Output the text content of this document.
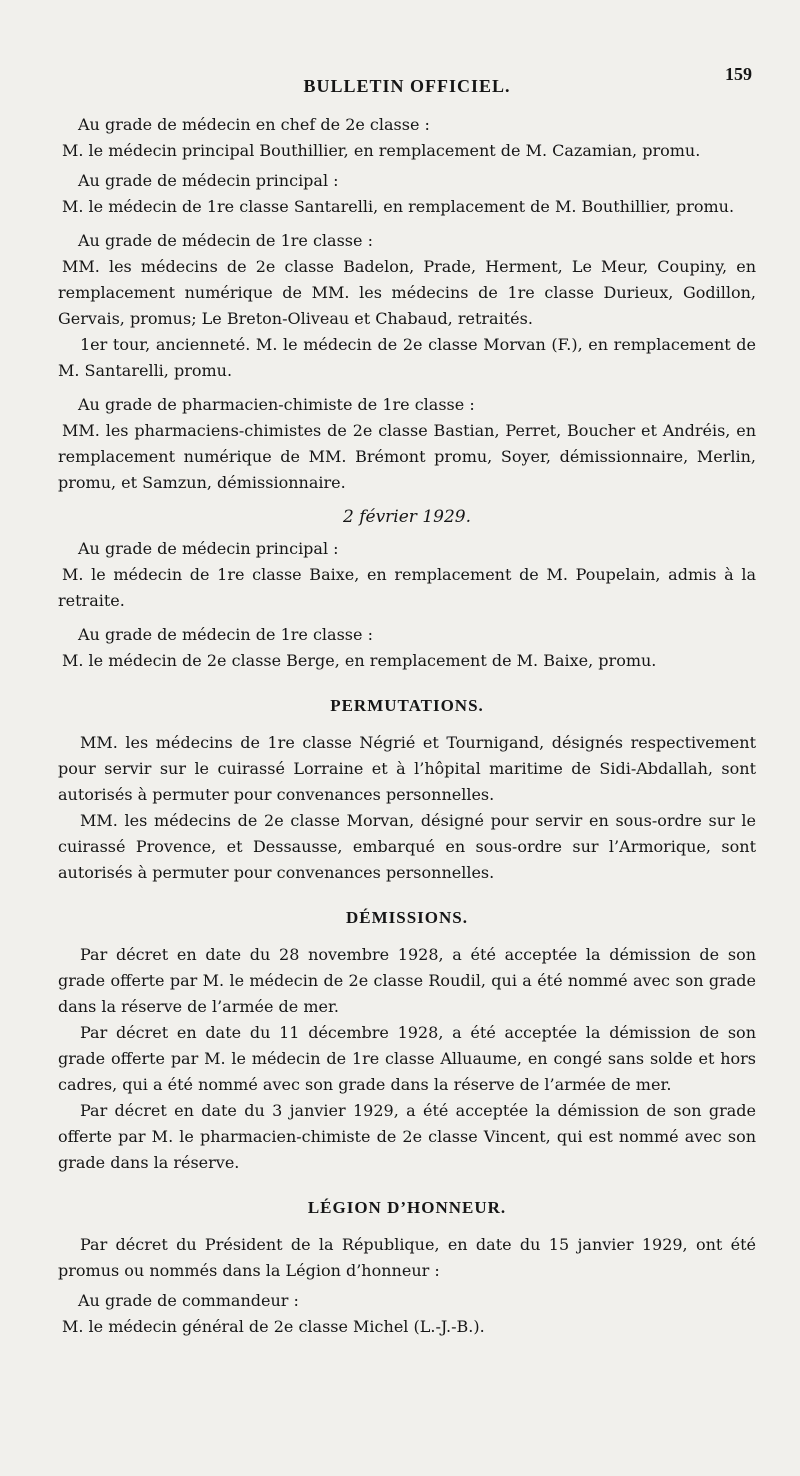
BULLETIN OFFICIEL.
159

Au grade de médecin en chef de 2e classe :

M. le médecin principal Bouthillier, en remplacement de M. Cazamian, promu.

Au grade de médecin principal :

M. le médecin de 1re classe Santarelli, en remplacement de M. Bouthillier, promu.

Au grade de médecin de 1re classe :

MM. les médecins de 2e classe Badelon, Prade, Herment, Le Meur, Coupiny, en remplacement numérique de MM. les médecins de 1re classe Durieux, Godillon, Gervais, promus; Le Breton-Oliveau et Chabaud, retraités.

1er tour, ancienneté. M. le médecin de 2e classe Morvan (F.), en remplacement de M. Santarelli, promu.

Au grade de pharmacien-chimiste de 1re classe :

MM. les pharmaciens-chimistes de 2e classe Bastian, Perret, Boucher et Andréis, en remplacement numérique de MM. Brémont promu, Soyer, démissionnaire, Merlin, promu, et Samzun, démissionnaire.

2 février 1929.

Au grade de médecin principal :

M. le médecin de 1re classe Baixe, en remplacement de M. Poupelain, admis à la retraite.

Au grade de médecin de 1re classe :

M. le médecin de 2e classe Berge, en remplacement de M. Baixe, promu.

PERMUTATIONS.

MM. les médecins de 1re classe Négrié et Tournigand, désignés respectivement pour servir sur le cuirassé Lorraine et à l’hôpital maritime de Sidi-Abdallah, sont autorisés à permuter pour convenances personnelles.

MM. les médecins de 2e classe Morvan, désigné pour servir en sous-ordre sur le cuirassé Provence, et Dessausse, embarqué en sous-ordre sur l’Armorique, sont autorisés à permuter pour convenances personnelles.

DÉMISSIONS.

Par décret en date du 28 novembre 1928, a été acceptée la démission de son grade offerte par M. le médecin de 2e classe Roudil, qui a été nommé avec son grade dans la réserve de l’armée de mer.

Par décret en date du 11 décembre 1928, a été acceptée la démission de son grade offerte par M. le médecin de 1re classe Alluaume, en congé sans solde et hors cadres, qui a été nommé avec son grade dans la réserve de l’armée de mer.

Par décret en date du 3 janvier 1929, a été acceptée la démission de son grade offerte par M. le pharmacien-chimiste de 2e classe Vincent, qui est nommé avec son grade dans la réserve.

LÉGION D’HONNEUR.

Par décret du Président de la République, en date du 15 janvier 1929, ont été promus ou nommés dans la Légion d’honneur :

Au grade de commandeur :

M. le médecin général de 2e classe Michel (L.-J.-B.).
